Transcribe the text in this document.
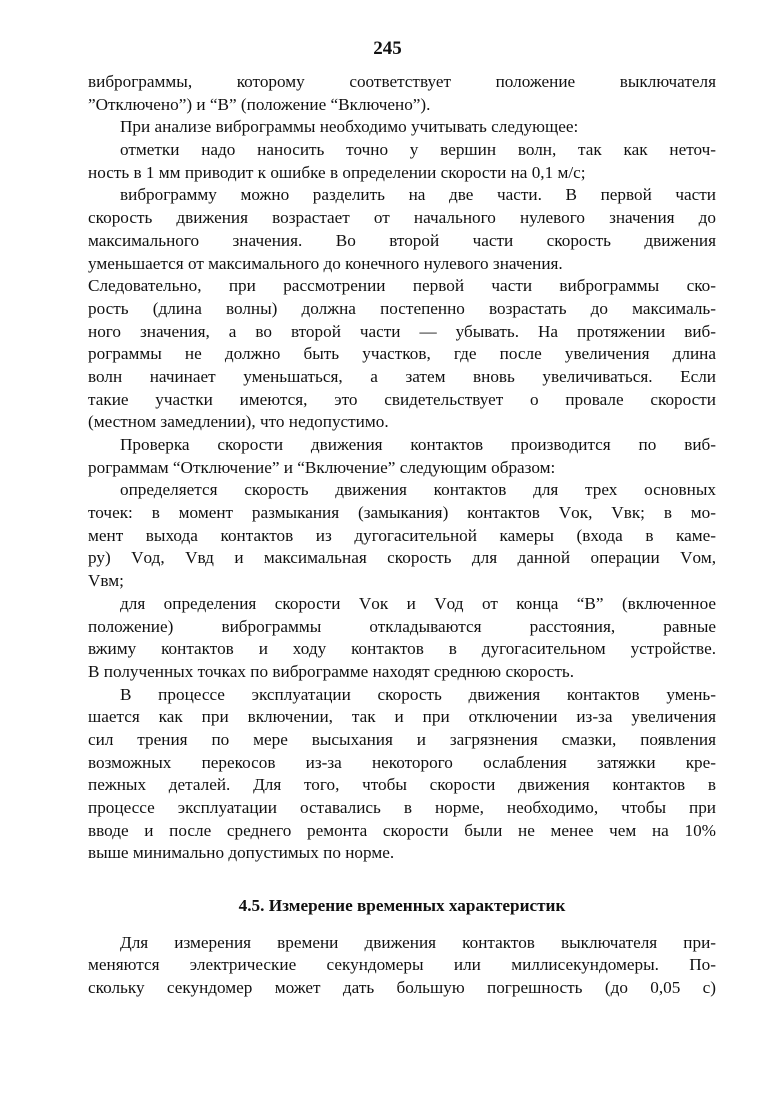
245
виброграммы, которому соответствует положение выключателя
”Отключено”) и “В” (положение “Включено”).
При анализе виброграммы необходимо учитывать следующее:
отметки надо наносить точно у вершин волн, так как неточ-
ность в 1 мм приводит к ошибке в определении скорости на 0,1 м/с;
виброграмму можно разделить на две части. В первой части
скорость движения возрастает от начального нулевого значения до
максимального значения. Во второй части скорость движения
уменьшается от максимального до конечного нулевого значения.
Следовательно, при рассмотрении первой части виброграммы ско-
рость (длина волны) должна постепенно возрастать до максималь-
ного значения, а во второй части — убывать. На протяжении виб-
рограммы не должно быть участков, где после увеличения длина
волн начинает уменьшаться, а затем вновь увеличиваться. Если
такие участки имеются, это свидетельствует о провале скорости
(местном замедлении), что недопустимо.
Проверка скорости движения контактов производится по виб-
рограммам “Отключение” и “Включение” следующим образом:
определяется скорость движения контактов для трех основных
точек: в момент размыкания (замыкания) контактов Vок, Vвк; в мо-
мент выхода контактов из дугогасительной камеры (входа в каме-
ру) Vод, Vвд и максимальная скорость для данной операции Vом,
Vвм;
для определения скорости Vок и Vод от конца “В” (включенное
положение) виброграммы откладываются расстояния, равные
вжиму контактов и ходу контактов в дугогасительном устройстве.
В полученных точках по виброграмме находят среднюю скорость.
В процессе эксплуатации скорость движения контактов умень-
шается как при включении, так и при отключении из-за увеличения
сил трения по мере высыхания и загрязнения смазки, появления
возможных перекосов из-за некоторого ослабления затяжки кре-
пежных деталей. Для того, чтобы скорости движения контактов в
процессе эксплуатации оставались в норме, необходимо, чтобы при
вводе и после среднего ремонта скорости были не менее чем на 10%
выше минимально допустимых по норме.
4.5. Измерение временных характеристик
Для измерения времени движения контактов выключателя при-
меняются электрические секундомеры или миллисекундомеры. По-
скольку секундомер может дать большую погрешность (до 0,05 с)
